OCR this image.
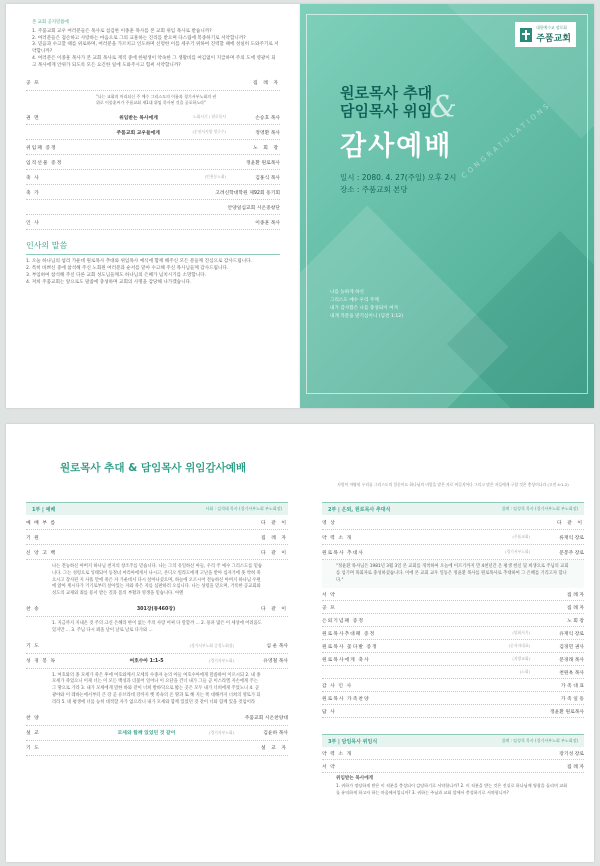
본 교회 공지말씀에
1. 주품교회 교우 여러분들은 목사로 섬김한 이종훈 목사를 본 교회 위임 목사로 받습니까?
2. 여러분들은 겸손하고 사랑하는 마음으로 그의 교훈하는 진리를 받으며 다스림에 복종하기로 서약합니까?
3. 믿음과 수고할 때를 위로하며, 여러분을 가르치고 인도하며 신령한 이를 세우기 위하여 진력할 때에 성실히 도와주기로 서약합니까?
4. 여러분은 이종훈 목사가 본 교회 목사로 재직 중에 한평생이 약속한 그 생활비를 여김없이 지급하며 주의 도에 영광이 되고 목사에게 안위가 되도록 모든 요긴한 일에 도와주시고 힘써 서약합니까?
공 포	집 례 자
"나는 교회의 머리되신 주 예수 그리스도의 이름과 경기서부노회의 권위로 이종훈씨가 주품교회 제1대 위임 목사된 것을 공포하노라"
권 면	위임받는 목사에게	노회서기 / 원로목사	손승호 목사
주품교회 교우들에게	(순천서지방 정구수)	정영환 목사
위임패 증정	노 회 장
임직선물 증정	정윤환 원로목사
축 사	(인천동노회)	김홍식 목사
축 가	고려신학대학원 제92회 동기회
안양일심교회 시온중창단
인 사	이종훈 목사
인사의 말씀
1. 오늘 하나님의 섭리 가운데 원로목사 추대와 위임목사 예식에 함께 해주신 모든 분들께 진심으로 감사드립니다.
2. 특히 바쁘신 중에 참석해 주신 노회원 여러분과 순서를 맡아 수고해 주신 목사님들께 감사드립니다.
3. 부임하여 참석해 주신 다른 교회 성도님들께도 하나님의 은혜가 넘치시기를 소망합니다.
4. 저희 주품교회는 앞으로도 말씀에 충성하며 교회의 사명을 감당해 나가겠습니다.
대한예수교 장로회
주품교회
원로목사 추대
담임목사 위임
&
감사예배
일시 : 2080. 4. 27(주일) 오후 2시
장소 : 주품교회 본당
CONGRATULATIONS
나를 능하게 하신
그리스도 예수 우리 주께
내가 감사함은 나를 충성되이 여겨
내게 직분을 맡기심이니 (딤전 1:12)
원로목사 추대 & 담임목사 위임감사예배
1부 | 예배	사회 : 김석태 목사 (경기서부노회 부노회장)
예 배 부 름	다 같 이
기 원	집 례 자
신 앙 고 백	다 같 이
나는 전능하신 아버지 하나님 천지의 창조주를 믿습니다. 나는 그의 유일하신 아들, 우리 주 예수 그리스도를 믿습니다. 그는 성령으로 잉태되어 동정녀 마리아에게서 나시고, 본디오 빌라도에게 고난을 받아 십자가에 못 박혀 죽으시고 장사된 지 사흘 만에 죽은 자 가운데서 다시 살아나셨으며, 하늘에 오르시어 전능하신 아버지 하나님 우편에 앉아 계시다가 거기로부터 살아있는 자와 죽은 자를 심판하러 오십니다. 나는 성령을 믿으며, 거룩한 공교회와 성도의 교제와 죄를 용서 받는 것과 몸의 부활과 영생을 믿습니다. 아멘
찬 송	301장(통460장)	다 같 이
1. 지금까지 지내온 것 주의 크신 은혜라 한이 없는 주의 사랑 어찌 다 말할까 ... 2. 풍파 많은 이 세상에 어려움도 있지만 ... 3. 주님 다시 뵈올 날이 날로 날로 다가와 ...
기 도	(경기서부노회 증경노회장)	심 운 목사
성 경 봉 독	여호수아 1:1-5	(경기서부노회)	유영철 목사
1. 여호와의 종 모세가 죽은 후에 여호와께서 모세의 수종자 눈의 아들 여호수아에게 말씀하여 이르시되 2. 내 종 모세가 죽었으니 이제 너는 이 모든 백성과 더불어 일어나 이 요단을 건너 내가 그들 곧 이스라엘 자손에게 주는 그 땅으로 가라 3. 내가 모세에게 말한 바와 같이 너희 발바닥으로 밟는 곳은 모두 내가 너희에게 주었노니 4. 곧 광야와 이 레바논에서부터 큰 강 곧 유브라데 강까지 헷 족속의 온 땅과 또 해 지는 쪽 대해까지 너희의 영토가 되리라 5. 네 평생에 너를 능히 대적할 자가 없으리니 내가 모세와 함께 있었던 것 같이 너와 함께 있을 것임이라
찬 양	주품교회 시온찬양대
설 교	모세와 함께 있었던 것 같이	(경기서부노회)	김윤하 목사
기 도	설 교 자
사람이 마땅히 우리를 그리스도의 일꾼이요 하나님의 비밀을 맡은 자로 여길지어다 그리고 맡은 자들에게 구할 것은 충성이니라 (고전 4:1-2)
2부 | 은퇴, 원로목사 추대식	집례 : 임성석 목사 (경기서부노회 부노회장)
영 상	다 같 이
약 력 소 개	(주품교회)	류재익 장로
원로목사 추대사	(경기서부노회)	문봉주 장로
"정윤환 목사님은 1981년 3월 3일 본 교회를 개척하여 오늘에 이르기까지 만 4천년간 온 평생 헌신 및 희생으로 주님의 교회를 섬기며 목회자로 충성하셨습니다. 이에 본 교회 교우 일동은 정윤환 목사를 원로목사로 추대하여 그 은혜를 기리고자 합니다."
서 약	집 례 자
공 포	집 례 자
은퇴기념패 증정	노 회 장
원로목사추대패 증정	(당회서기)	유재익 장로
원로목사 꽃다발 증정	(순서자대표)	김경민 권사
원로목사에게 축사	(지방교회)	문경래 목사
(노회)	천원옥 목사
감 사 인 사	가 족 대 표
원로목사 가족찬양	가 족 일 동
답 사	정윤환 원로목사
3부 | 담임목사 위임식	집례 : 임성석 목사 (경기서부노회 부노회장)
약 력 소 개	장기성 장로
서 약	집 례 자
위임받는 목사에게
1. 귀하가 정당하게 받은 이 직분을 충성되이 감당하기로 서약합니까? 2. 이 직분을 받는 것은 진실로 하나님께 영광을 돌리며 교회를 유익하게 하고자 하는 마음에서입니까? 3. 귀하는 주님과 교회 앞에서 충성하기로 서약합니까?
